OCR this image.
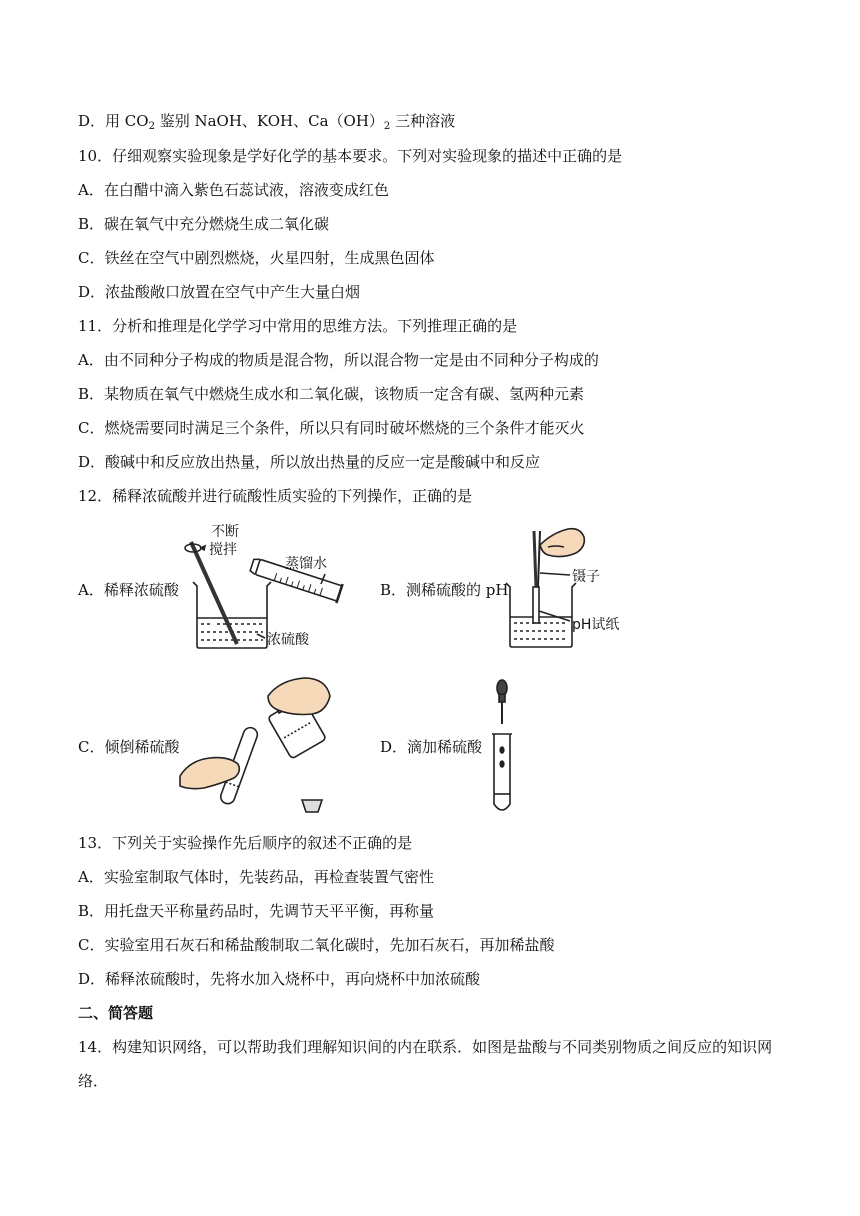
D．用 $CO_2$ 鉴别 NaOH、KOH、$Ca(OH)_2$ 三种溶液
10．仔细观察实验现象是学好化学的基本要求。下列对实验现象的描述中正确的是
A．在白醋中滴入紫色石蕊试液，溶液变成红色
B．碳在氧气中充分燃烧生成二氧化碳
C．铁丝在空气中剧烈燃烧，火星四射，生成黑色固体
D．浓盐酸敞口放置在空气中产生大量白烟
11．分析和推理是化学学习中常用的思维方法。下列推理正确的是
A．由不同种分子构成的物质是混合物，所以混合物一定是由不同种分子构成的
B．某物质在氧气中燃烧生成水和二氧化碳，该物质一定含有碳、氢两种元素
C．燃烧需要同时满足三个条件，所以只有同时破坏燃烧的三个条件才能灭火
D．酸碱中和反应放出热量，所以放出热量的反应一定是酸碱中和反应
12．稀释浓硫酸并进行硫酸性质实验的下列操作，正确的是
A．稀释浓硫酸	B．测稀硫酸的 pH
C．倾倒稀硫酸	D．滴加稀硫酸
不断
搅拌
蒸馏水
浓硫酸
镊子
pH试纸
13．下列关于实验操作先后顺序的叙述不正确的是
A．实验室制取气体时，先装药品，再检查装置气密性
B．用托盘天平称量药品时，先调节天平平衡，再称量
C．实验室用石灰石和稀盐酸制取二氧化碳时，先加石灰石，再加稀盐酸
D．稀释浓硫酸时，先将水加入烧杯中，再向烧杯中加浓硫酸
二、简答题
14．构建知识网络，可以帮助我们理解知识间的内在联系．如图是盐酸与不同类别物质之间反应的知识网
络．
